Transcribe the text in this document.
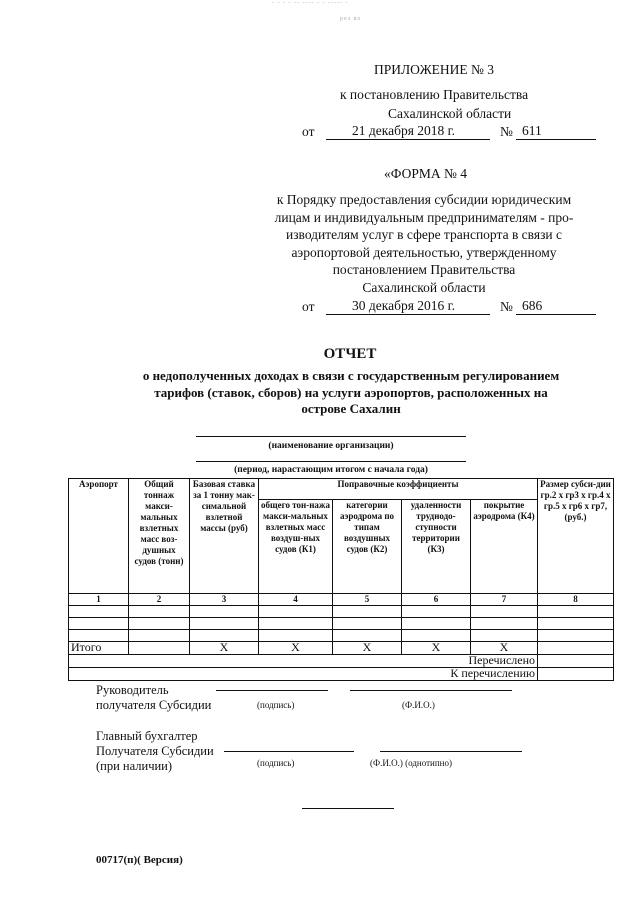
- - - - -- ---- - - ----- -
рез во
ПРИЛОЖЕНИЕ № 3
к постановлению Правительства
Сахалинской области
от	21 декабря 2018 г.	№ 611
«ФОРМА № 4
к Порядку предоставления субсидии юридическим
лицам и индивидуальным предпринимателям - про-
изводителям услуг в сфере транспорта в связи с
аэропортовой деятельностью, утвержденному
постановлением Правительства
Сахалинской области
от	30 декабря 2016 г.	№ 686
ОТЧЕТ
о недополученных доходах в связи с государственным регулированием
тарифов (ставок, сборов) на услуги аэропортов, расположенных на
острове Сахалин
(наименование организации)
(период, нарастающим итогом с начала года)
Аэропорт	Общий тоннаж макси-мальных взлетных масс воз-душных судов (тонн)	Базовая ставка за 1 тонну мак-симальной взлетной массы (руб)	Поправочные коэффициенты				Размер субси-дии гр.2 х гр3 х гр.4 х гр.5 х гр6 х гр7, (руб.)
			общего тон-нажа макси-мальных взлетных масс воздуш-ных судов (К1)	категории аэродрома по типам воздушных судов (К2)	удаленности труднодо-ступности территории (К3)	покрытие аэродрома (К4)	
1	2	3	4	5	6	7	8

Итого		X	X	X	X	X	
Перечислено							
К перечислению							
Руководитель
получателя Субсидии	(подпись)	(Ф.И.О.)
Главный бухгалтер
Получателя Субсидии
(при наличии)	(подпись)	(Ф.И.О.) (однотипно)
00717(п)( Версия)
